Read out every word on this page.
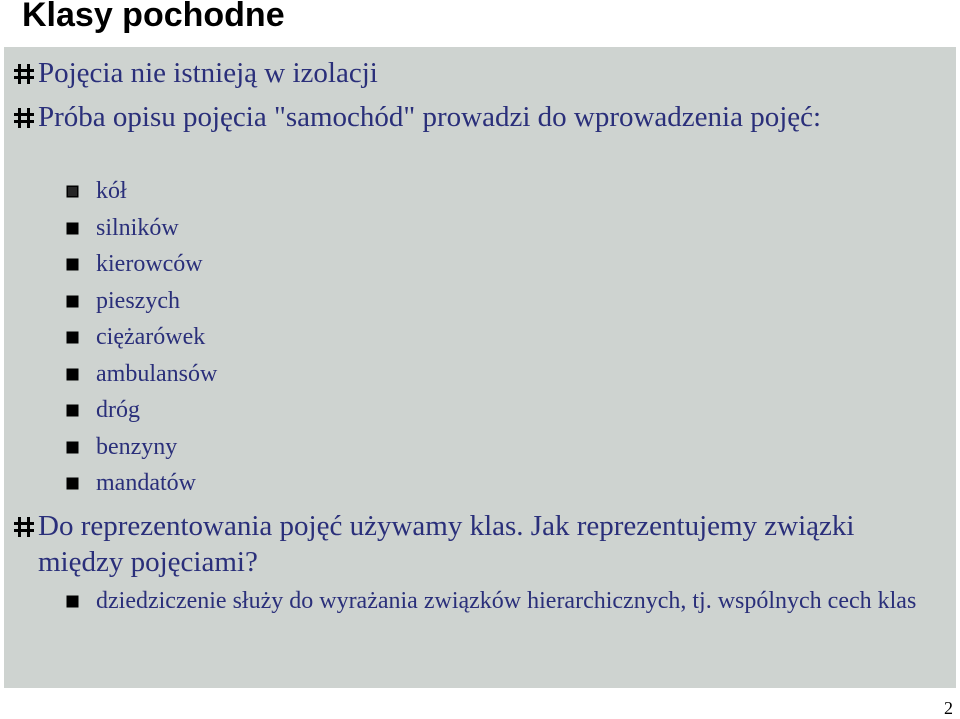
Klasy pochodne
Pojęcia nie istnieją w izolacji
Próba opisu pojęcia "samochód" prowadzi do wprowadzenia pojęć:
kół
silników
kierowców
pieszych
ciężarówek
ambulansów
dróg
benzyny
mandatów
Do reprezentowania pojęć używamy klas. Jak reprezentujemy związki między pojęciami?
dziedziczenie służy do wyrażania związków hierarchicznych, tj. wspólnych cech klas
2
